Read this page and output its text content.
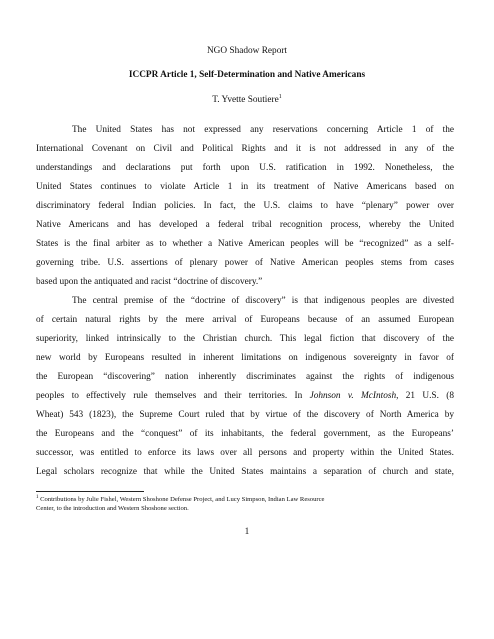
NGO Shadow Report
ICCPR Article 1, Self-Determination and Native Americans
T. Yvette Soutiere$^1$
The United States has not expressed any reservations concerning Article 1 of the
International Covenant on Civil and Political Rights and it is not addressed in any of the
understandings and declarations put forth upon U.S. ratification in 1992. Nonetheless, the
United States continues to violate Article 1 in its treatment of Native Americans based on
discriminatory federal Indian policies. In fact, the U.S. claims to have “plenary” power over
Native Americans and has developed a federal tribal recognition process, whereby the United
States is the final arbiter as to whether a Native American peoples will be “recognized” as a self-
governing tribe. U.S. assertions of plenary power of Native American peoples stems from cases
based upon the antiquated and racist “doctrine of discovery.”
The central premise of the “doctrine of discovery” is that indigenous peoples are divested
of certain natural rights by the mere arrival of Europeans because of an assumed European
superiority, linked intrinsically to the Christian church. This legal fiction that discovery of the
new world by Europeans resulted in inherent limitations on indigenous sovereignty in favor of
the European “discovering” nation inherently discriminates against the rights of indigenous
peoples to effectively rule themselves and their territories. In Johnson v. McIntosh, 21 U.S. (8
Wheat) 543 (1823), the Supreme Court ruled that by virtue of the discovery of North America by
the Europeans and the “conquest” of its inhabitants, the federal government, as the Europeans’
$^1$ Contributions by Julie Fishel, Western Shoshone Defense Project, and Lucy Simpson, Indian Law Resource
Center, to the introduction and Western Shoshone section.
1
successor, was entitled to enforce its laws over all persons and property within the United States.
Legal scholars recognize that while the United States maintains a separation of church and state,
